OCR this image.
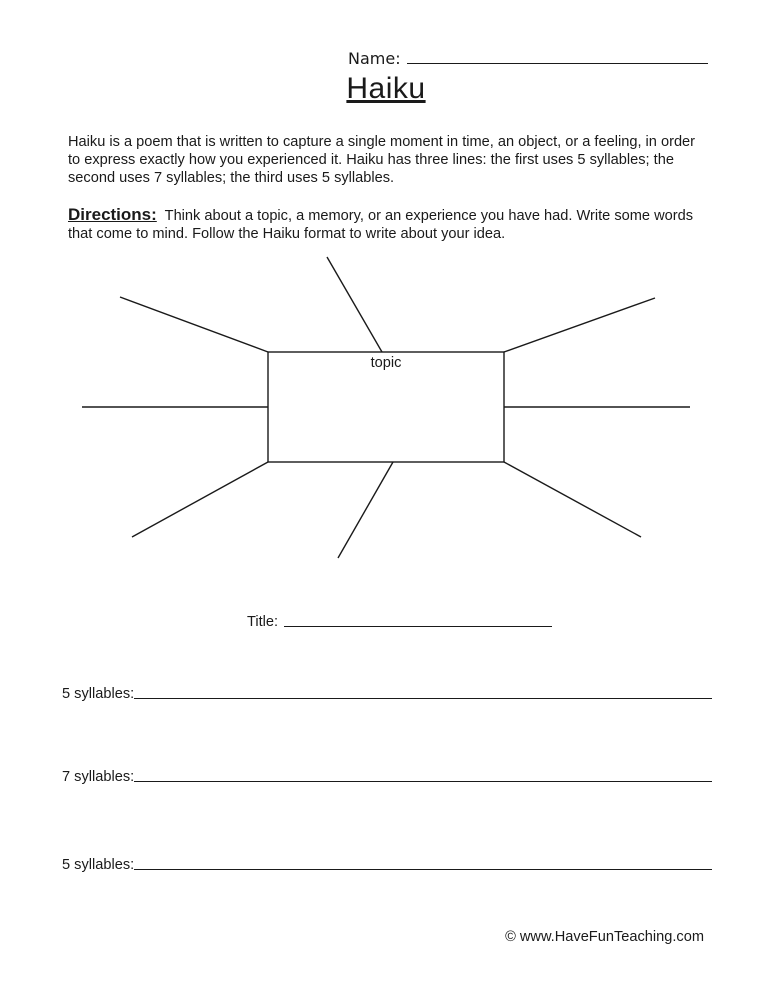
Name:
Haiku
Haiku is a poem that is written to capture a single moment in time, an object, or a feeling, in order to express exactly how you experienced it. Haiku has three lines: the first uses 5 syllables; the second uses 7 syllables; the third uses 5 syllables.
Directions: Think about a topic, a memory, or an experience you have had. Write some words that come to mind. Follow the Haiku format to write about your idea.
topic
Title:
5 syllables:
7 syllables:
5 syllables:
© www.HaveFunTeaching.com
